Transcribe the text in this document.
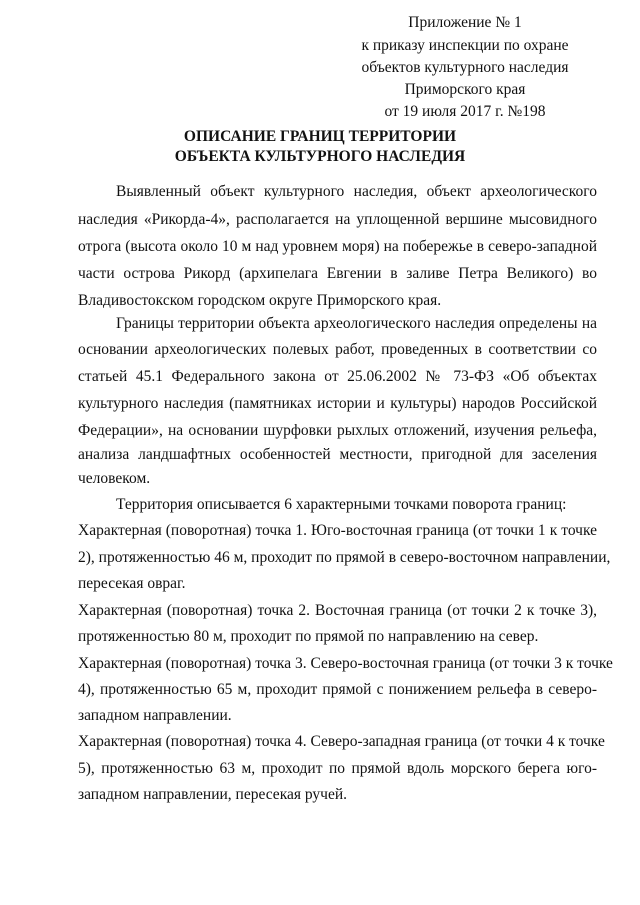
Приложение № 1
к приказу инспекции по охране
объектов культурного наследия
Приморского края
от 19 июля 2017 г. №198
ОПИСАНИЕ ГРАНИЦ ТЕРРИТОРИИ
ОБЪЕКТА КУЛЬТУРНОГО НАСЛЕДИЯ
Выявленный объект культурного наследия, объект археологического
наследия «Рикорда-4», располагается на уплощенной вершине мысовидного
отрога (высота около 10 м над уровнем моря) на побережье в северо-западной
части острова Рикорд (архипелага Евгении в заливе Петра Великого) во
Владивостокском городском округе Приморского края.
Границы территории объекта археологического наследия определены на
основании археологических полевых работ, проведенных в соответствии со
статьей 45.1 Федерального закона от 25.06.2002 № 73-ФЗ «Об объектах
культурного наследия (памятниках истории и культуры) народов Российской
Федерации», на основании шурфовки рыхлых отложений, изучения рельефа,
анализа ландшафтных особенностей местности, пригодной для заселения
человеком.
Территория описывается 6 характерными точками поворота границ:
Характерная (поворотная) точка 1. Юго-восточная граница (от точки 1 к точке
2), протяженностью 46 м, проходит по прямой в северо-восточном направлении,
пересекая овраг.
Характерная (поворотная) точка 2. Восточная граница (от точки 2 к точке 3),
протяженностью 80 м, проходит по прямой по направлению на север.
Характерная (поворотная) точка 3. Северо-восточная граница (от точки 3 к точке
4), протяженностью 65 м, проходит прямой с понижением рельефа в северо-
западном направлении.
Характерная (поворотная) точка 4. Северо-западная граница (от точки 4 к точке
5), протяженностью 63 м, проходит по прямой вдоль морского берега юго-
западном направлении, пересекая ручей.
